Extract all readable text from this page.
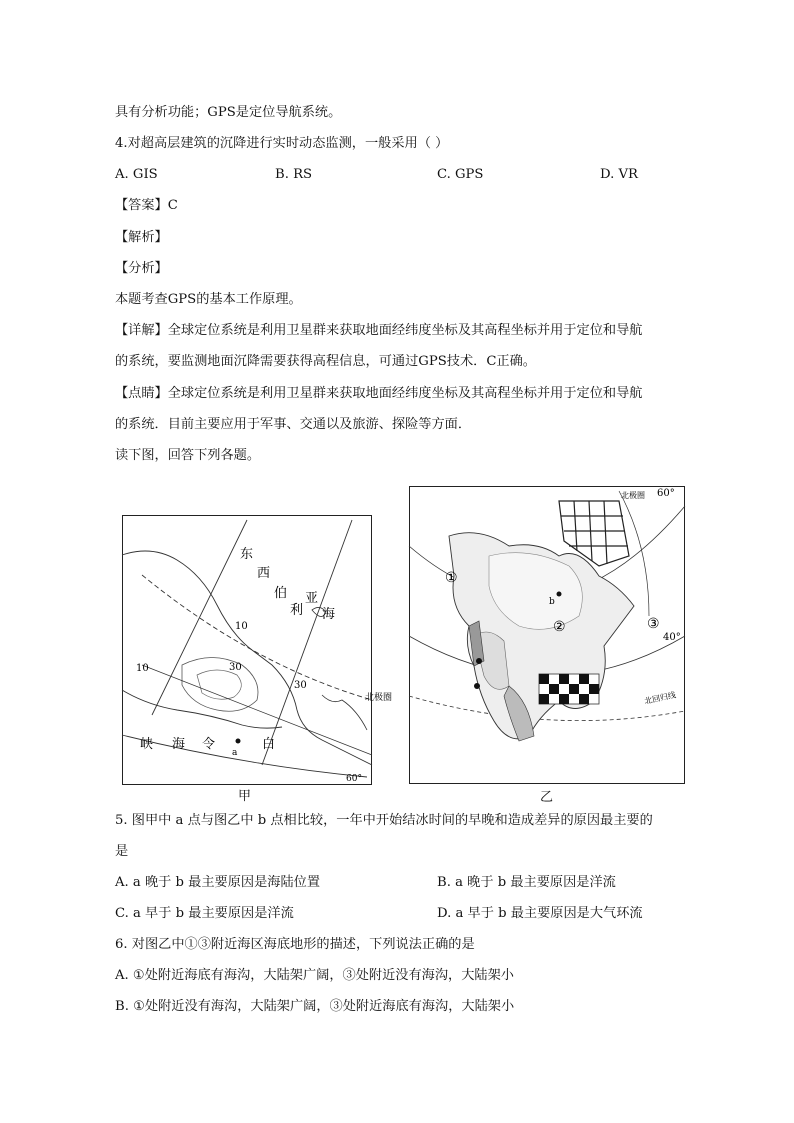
具有分析功能；GPS是定位导航系统。
4.对超高层建筑的沉降进行实时动态监测，一般采用（ ）
A. GIS	B. RS	C. GPS	D. VR
【答案】C
【解析】
【分析】
本题考查GPS的基本工作原理。
【详解】全球定位系统是利用卫星群来获取地面经纬度坐标及其高程坐标并用于定位和导航
的系统，要监测地面沉降需要获得高程信息，可通过GPS技术．C正确。
【点睛】全球定位系统是利用卫星群来获取地面经纬度坐标及其高程坐标并用于定位和导航
的系统．目前主要应用于军事、交通以及旅游、探险等方面．
读下图，回答下列各题。
东
西
伯
利
亚
海
峡 海 令	白
10
10	30
30
北极圈
60°
a
甲
60°
40°
北极圈
北回归线
①
②	③
b
乙
5. 图甲中 a 点与图乙中 b 点相比较，一年中开始结冰时间的早晚和造成差异的原因最主要的
是
A. a 晚于 b 最主要原因是海陆位置	B. a 晚于 b 最主要原因是洋流
C. a 早于 b 最主要原因是洋流	D. a 早于 b 最主要原因是大气环流
6. 对图乙中①③附近海区海底地形的描述，下列说法正确的是
A. ①处附近海底有海沟，大陆架广阔，③处附近没有海沟，大陆架小
B. ①处附近没有海沟，大陆架广阔，③处附近海底有海沟，大陆架小
